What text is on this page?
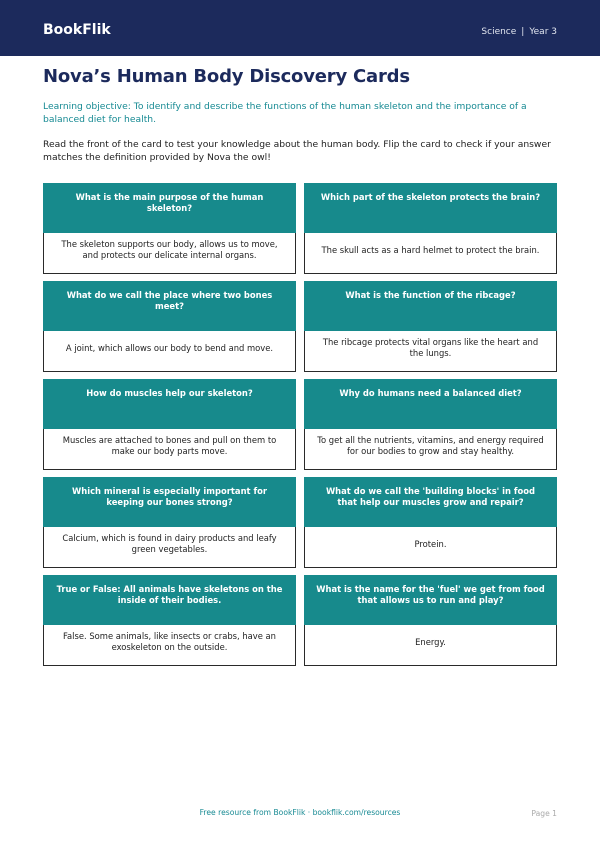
BookFlik	Science | Year 3
Nova’s Human Body Discovery Cards

Learning objective: To identify and describe the functions of the human skeleton and the importance of a balanced diet for health.

Read the front of the card to test your knowledge about the human body. Flip the card to check if your answer matches the definition provided by Nova the owl!

What is the main purpose of the human skeleton?
The skeleton supports our body, allows us to move, and protects our delicate internal organs.
Which part of the skeleton protects the brain?
The skull acts as a hard helmet to protect the brain.
What do we call the place where two bones meet?
A joint, which allows our body to bend and move.
What is the function of the ribcage?
The ribcage protects vital organs like the heart and the lungs.
How do muscles help our skeleton?
Muscles are attached to bones and pull on them to make our body parts move.
Why do humans need a balanced diet?
To get all the nutrients, vitamins, and energy required for our bodies to grow and stay healthy.
Which mineral is especially important for keeping our bones strong?
Calcium, which is found in dairy products and leafy green vegetables.
What do we call the 'building blocks' in food that help our muscles grow and repair?
Protein.
True or False: All animals have skeletons on the inside of their bodies.
False. Some animals, like insects or crabs, have an exoskeleton on the outside.
What is the name for the 'fuel' we get from food that allows us to run and play?
Energy.
Free resource from BookFlik · bookflik.com/resources	Page 1
